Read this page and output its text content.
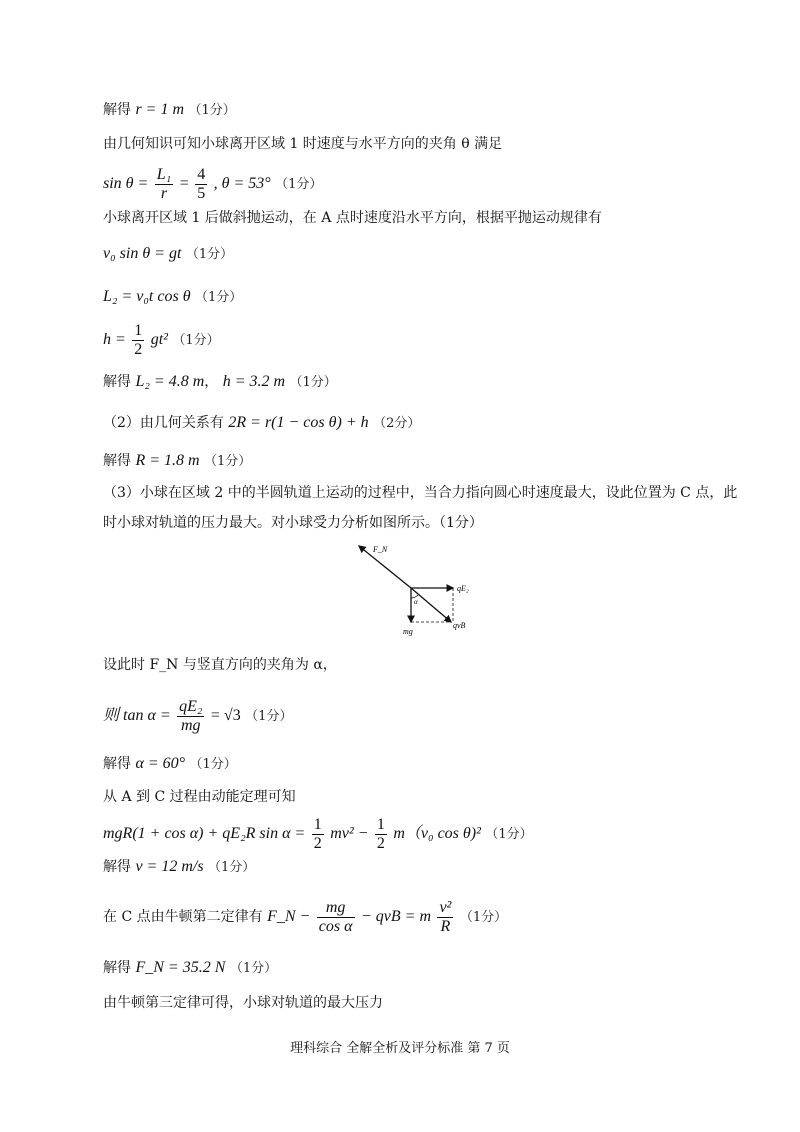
解得 r = 1 m （1分）
由几何知识可知小球离开区域 1 时速度与水平方向的夹角 θ 满足
$\sin \theta = \frac{\text{L₁}}{r} = \frac{4}{5}$ , θ = 53° （1分）
小球离开区域 1 后做斜抛运动，在 A 点时速度沿水平方向，根据平抛运动规律有
v₀ sin θ = gt （1分）
L₂ = v₀t cos θ （1分）
$h = \frac{1}{2} gt^2$ （1分）
解得 L₂ = 4.8 m， h = 3.2 m （1分）
（2）由几何关系有 2R = r(1 − cos θ) + h （2分）
解得 R = 1.8 m （1分）
（3）小球在区域 2 中的半圆轨道上运动的过程中，当合力指向圆心时速度最大，设此位置为 C 点，此
时小球对轨道的压力最大。对小球受力分析如图所示。（1分）
F_N
qE₂
α
mg
qvB
设此时 F_N 与竖直方向的夹角为 α，
则 $\tan \alpha = \frac{\text{qE₂}}{mg} = √3$ （1分）
解得 α = 60° （1分）
从 A 到 C 过程由动能定理可知
mgR(1 + cos α) + qE₂R $\sin \alpha = \frac{1}{2} mv^2 - \frac{1}{2} m(v_0$ cos θ)² （1分）
解得 v = 12 m/s （1分）
在 C 点由牛顿第二定律有 F_N − $\frac{mg}{\text{cos α}}$ − qvB = m $\frac{\text{v²}}{R} (1$分）
解得 F_N = 35.2 N （1分）
由牛顿第三定律可得，小球对轨道的最大压力
理科综合 全解全析及评分标准 第 7 页
